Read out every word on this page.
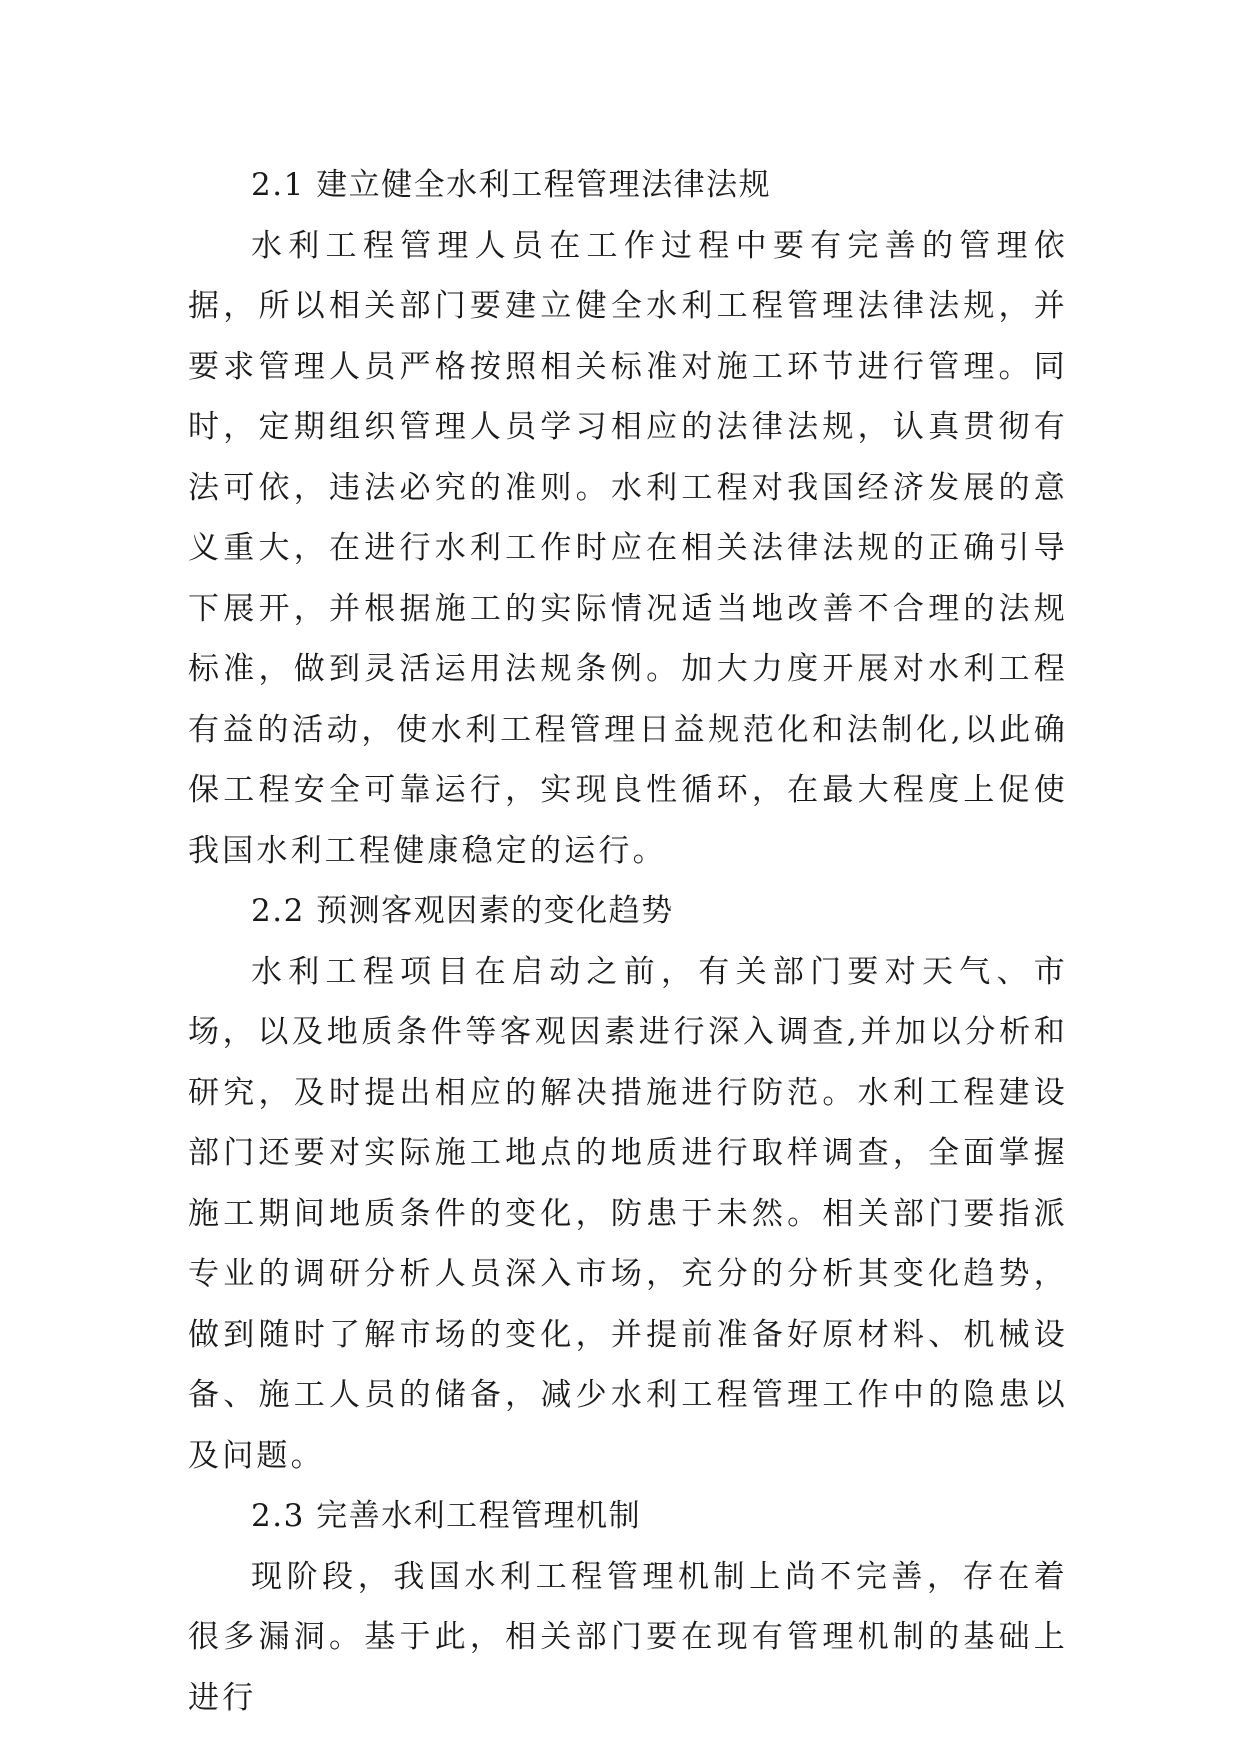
2.1 建立健全水利工程管理法律法规

水利工程管理人员在工作过程中要有完善的管理依据，所以相关部门要建立健全水利工程管理法律法规，并要求管理人员严格按照相关标准对施工环节进行管理。同时，定期组织管理人员学习相应的法律法规，认真贯彻有法可依，违法必究的准则。水利工程对我国经济发展的意义重大，在进行水利工作时应在相关法律法规的正确引导下展开，并根据施工的实际情况适当地改善不合理的法规标准，做到灵活运用法规条例。加大力度开展对水利工程有益的活动，使水利工程管理日益规范化和法制化,以此确保工程安全可靠运行，实现良性循环，在最大程度上促使我国水利工程健康稳定的运行。

2.2 预测客观因素的变化趋势

水利工程项目在启动之前，有关部门要对天气、市场，以及地质条件等客观因素进行深入调查,并加以分析和研究，及时提出相应的解决措施进行防范。水利工程建设部门还要对实际施工地点的地质进行取样调查，全面掌握施工期间地质条件的变化，防患于未然。相关部门要指派专业的调研分析人员深入市场，充分的分析其变化趋势，做到随时了解市场的变化，并提前准备好原材料、机械设备、施工人员的储备，减少水利工程管理工作中的隐患以及问题。

2.3 完善水利工程管理机制

现阶段，我国水利工程管理机制上尚不完善，存在着很多漏洞。基于此，相关部门要在现有管理机制的基础上进行
